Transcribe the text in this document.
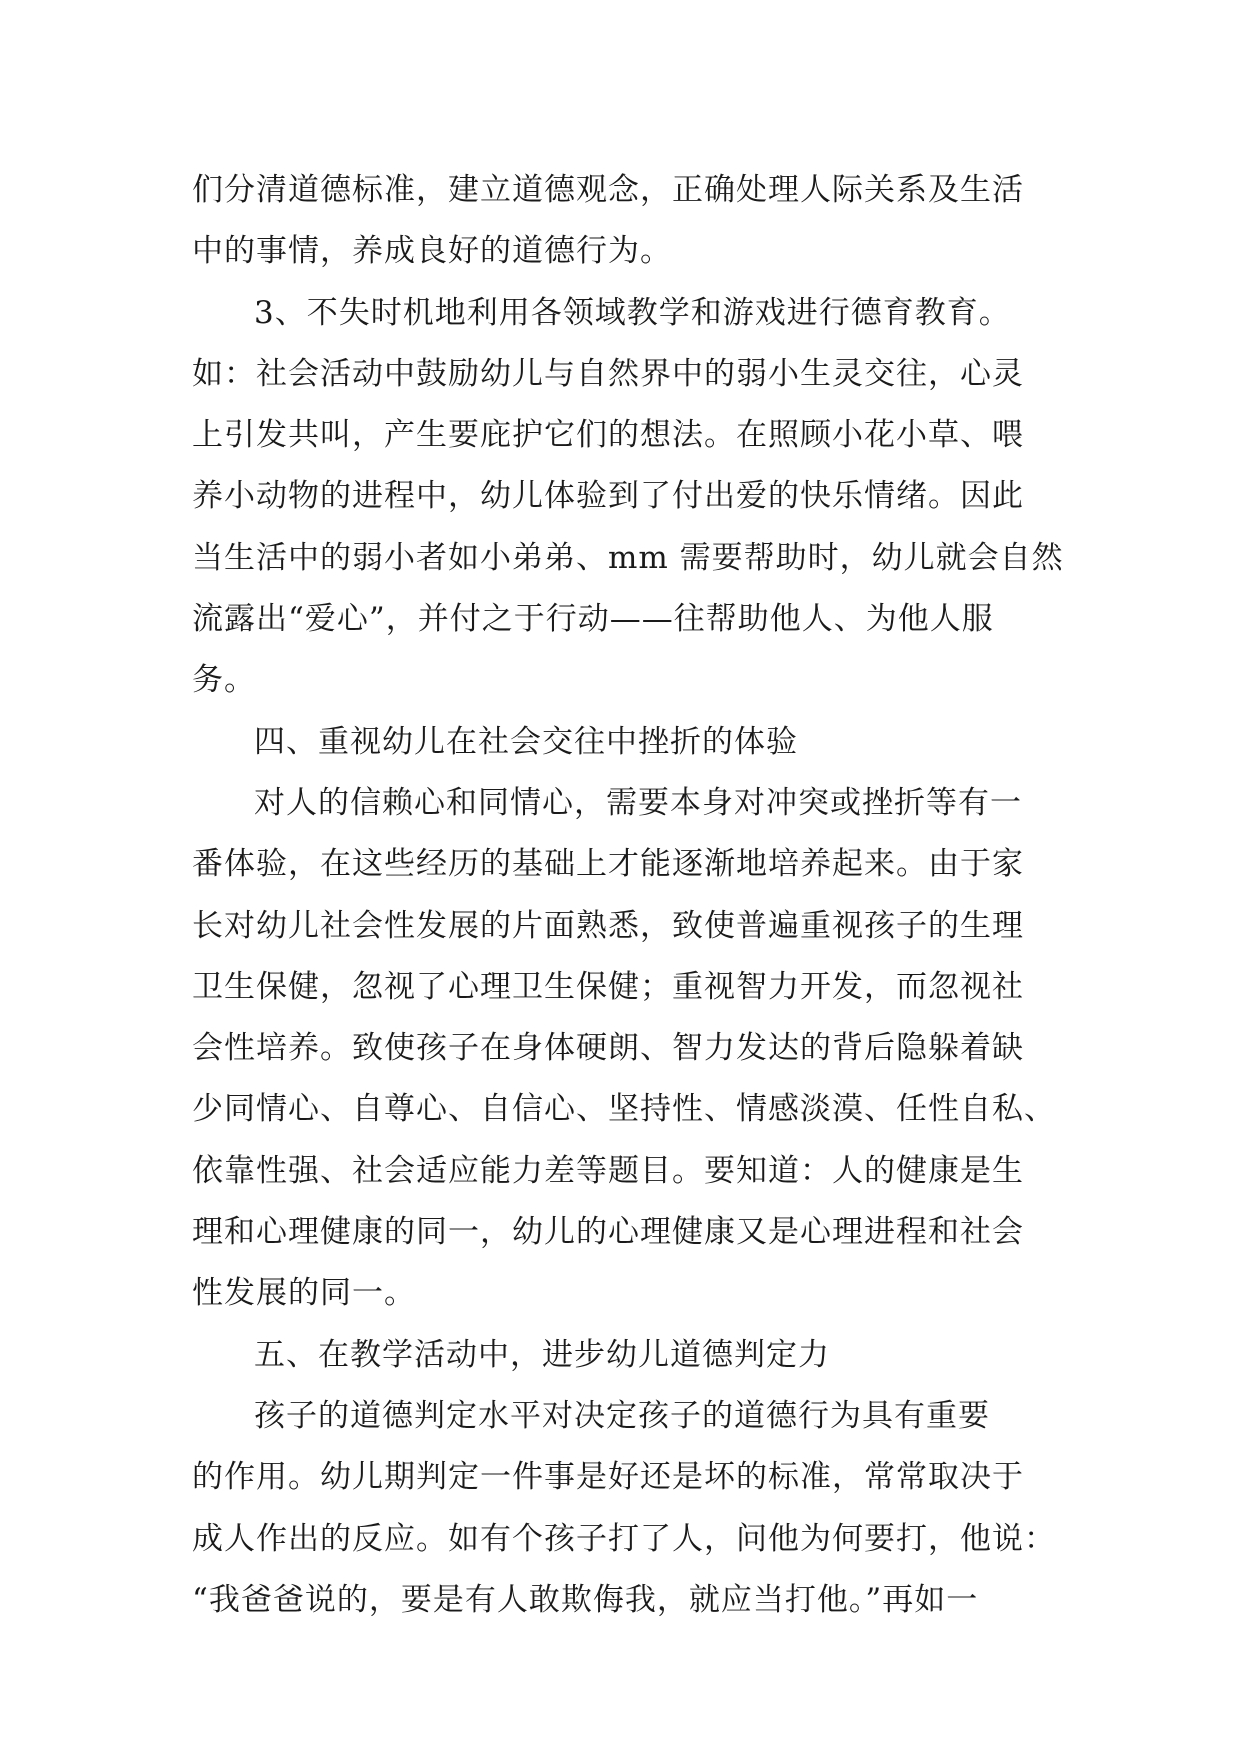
们分清道德标准，建立道德观念，正确处理人际关系及生活
中的事情，养成良好的道德行为。
3、不失时机地利用各领域教学和游戏进行德育教育。
如：社会活动中鼓励幼儿与自然界中的弱小生灵交往，心灵
上引发共叫，产生要庇护它们的想法。在照顾小花小草、喂
养小动物的进程中，幼儿体验到了付出爱的快乐情绪。因此
当生活中的弱小者如小弟弟、mm 需要帮助时，幼儿就会自然
流露出“爱心”，并付之于行动——往帮助他人、为他人服
务。
四、重视幼儿在社会交往中挫折的体验
对人的信赖心和同情心，需要本身对冲突或挫折等有一
番体验，在这些经历的基础上才能逐渐地培养起来。由于家
长对幼儿社会性发展的片面熟悉，致使普遍重视孩子的生理
卫生保健，忽视了心理卫生保健；重视智力开发，而忽视社
会性培养。致使孩子在身体硬朗、智力发达的背后隐躲着缺
少同情心、自尊心、自信心、坚持性、情感淡漠、任性自私、
依靠性强、社会适应能力差等题目。要知道：人的健康是生
理和心理健康的同一，幼儿的心理健康又是心理进程和社会
性发展的同一。
五、在教学活动中，进步幼儿道德判定力
孩子的道德判定水平对决定孩子的道德行为具有重要
的作用。幼儿期判定一件事是好还是坏的标准，常常取决于
成人作出的反应。如有个孩子打了人，问他为何要打，他说：
“我爸爸说的，要是有人敢欺侮我，就应当打他。”再如一
